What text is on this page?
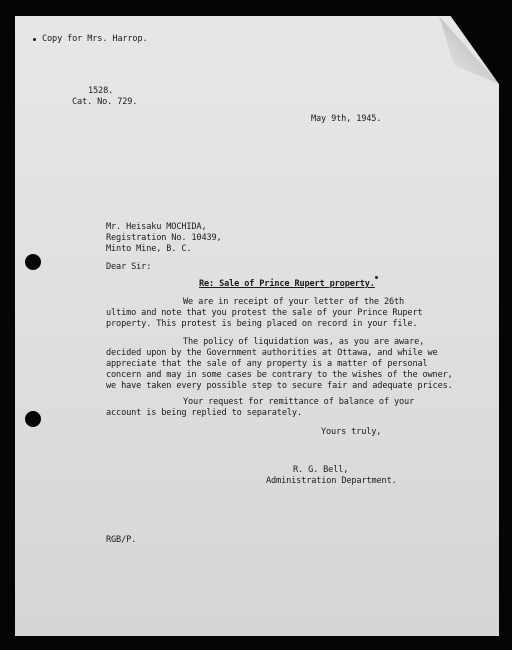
Copy for Mrs. Harrop.

1528.

Cat. No. 729.

May 9th, 1945.

Mr. Heisaku MOCHIDA,

Registration No. 10439,

Minto Mine, B. C.

Dear Sir:

Re: Sale of Prince Rupert property.

We are in receipt of your letter of the 26th

ultimo and note that you protest the sale of your Prince Rupert

property. This protest is being placed on record in your file.

The policy of liquidation was, as you are aware,

decided upon by the Government authorities at Ottawa, and while we

appreciate that the sale of any property is a matter of personal

concern and may in some cases be contrary to the wishes of the owner,

we have taken every possible step to secure fair and adequate prices.

Your request for remittance of balance of your

account is being replied to separately.

Yours truly,

R. G. Bell,

Administration Department.

RGB/P.
